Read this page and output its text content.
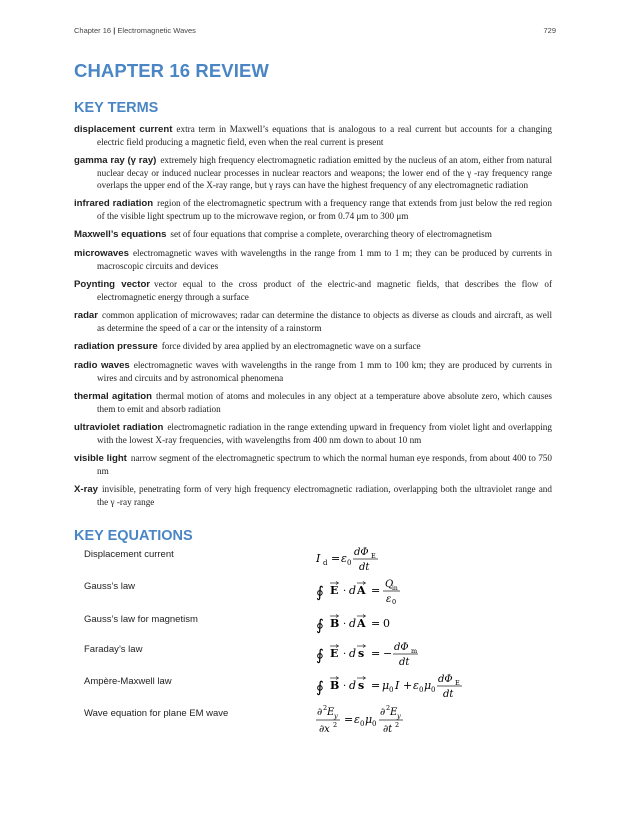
Chapter 16 | Electromagnetic Waves	729
CHAPTER 16 REVIEW
KEY TERMS
displacement current extra term in Maxwell’s equations that is analogous to a real current but accounts for a changing electric field producing a magnetic field, even when the real current is present
gamma ray (γ ray) extremely high frequency electromagnetic radiation emitted by the nucleus of an atom, either from natural nuclear decay or induced nuclear processes in nuclear reactors and weapons; the lower end of the γ -ray frequency range overlaps the upper end of the X-ray range, but γ rays can have the highest frequency of any electromagnetic radiation
infrared radiation region of the electromagnetic spectrum with a frequency range that extends from just below the red region of the visible light spectrum up to the microwave region, or from 0.74 μm to 300 μm
Maxwell’s equations set of four equations that comprise a complete, overarching theory of electromagnetism
microwaves electromagnetic waves with wavelengths in the range from 1 mm to 1 m; they can be produced by currents in macroscopic circuits and devices
Poynting vector vector equal to the cross product of the electric-and magnetic fields, that describes the flow of electromagnetic energy through a surface
radar common application of microwaves; radar can determine the distance to objects as diverse as clouds and aircraft, as well as determine the speed of a car or the intensity of a rainstorm
radiation pressure force divided by area applied by an electromagnetic wave on a surface
radio waves electromagnetic waves with wavelengths in the range from 1 mm to 100 km; they are produced by currents in wires and circuits and by astronomical phenomena
thermal agitation thermal motion of atoms and molecules in any object at a temperature above absolute zero, which causes them to emit and absorb radiation
ultraviolet radiation electromagnetic radiation in the range extending upward in frequency from violet light and overlapping with the lowest X-ray frequencies, with wavelengths from 400 nm down to about 10 nm
visible light narrow segment of the electromagnetic spectrum to which the normal human eye responds, from about 400 to 750 nm
X-ray invisible, penetrating form of very high frequency electromagnetic radiation, overlapping both the ultraviolet range and the γ -ray range
KEY EQUATIONS
Displacement current	I d = ε 0
dΦ E
dt
Gauss’s law	∮ E · d A = Q
in
ε 0
Gauss’s law for magnetism	∮ B · d A = 0
Faraday’s law	∮ E · d s = − dΦ m
dt
Ampère-Maxwell law	∮ B · d s = μ 0 I + ε 0 μ 0
dΦ E
dt
Wave equation for plane EM wave	∂ 2 E y
∂x 2 = ε 0 μ 0
∂ 2 E y
∂t 2
